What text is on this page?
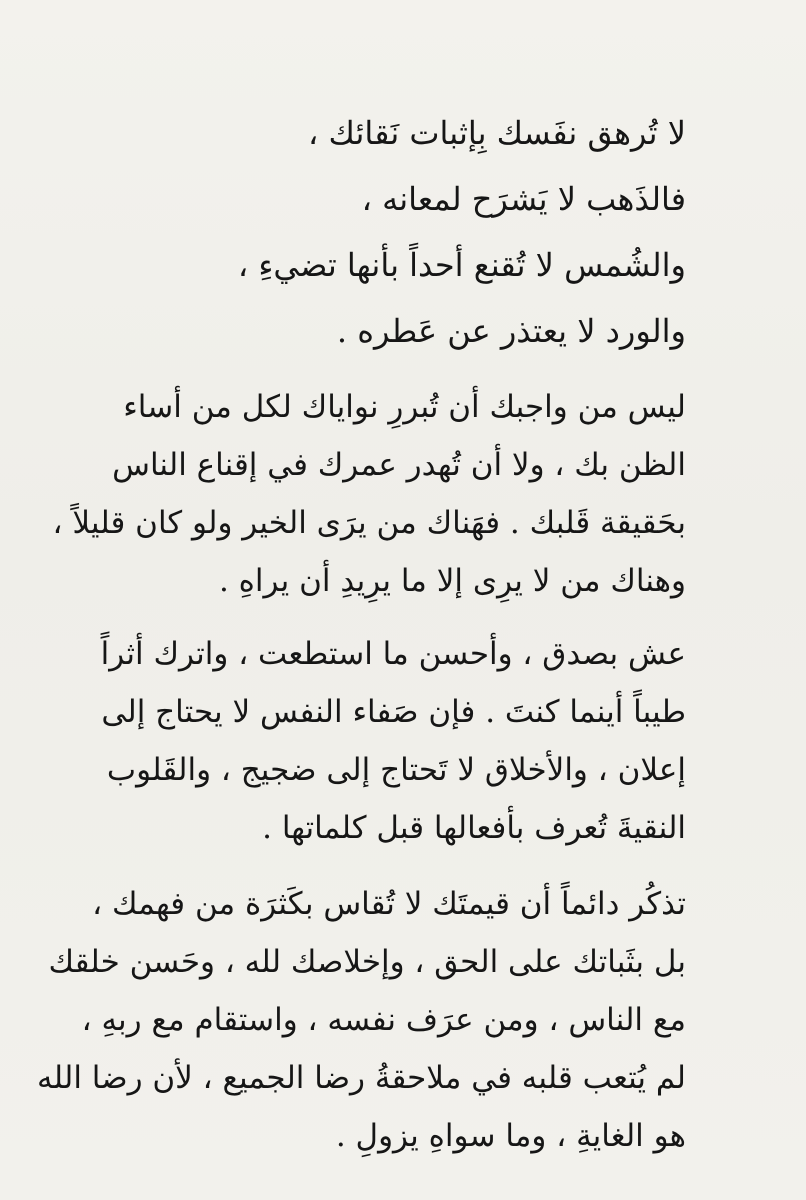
لا تُرهق نفَسك بِإثبات نَقائك ،
فالذَهب لا يَشرَح لمعانه ،
والشُمس لا تُقنع أحداً بأنها تضيءِ ،
والورد لا يعتذر عن عَطره .
ليس من واجبك أن تُبررِ نواياك لكل من أساء
الظن بك ، ولا أن تُهدر عمرك في إقناع الناس
بحَقيقة قَلبك . فهَناك من يرَى الخير ولو كان قليلاً ،
وهناك من لا يرِى إلا ما يرِيدِ أن يراهِ .
عش بصدق ، وأحسن ما استطعت ، واترك أثراً
طيباً أينما كنتَ . فإن صَفاء النفس لا يحتاج إلى
إعلان ، والأخلاق لا تَحتاج إلى ضجيج ، والقَلوب
النقيةَ تُعرف بأفعالها قبل كلماتها .
تذكُر دائماً أن قيمتَك لا تُقاس بكَثرَة من فهمك ،
بل بثَباتك على الحق ، وإخلاصك لله ، وحَسن خلقك
مع الناس ، ومن عرَف نفسه ، واستقام مع ربهِ ،
لم يُتعب قلبه في ملاحقةُ رضا الجميع ، لأن رضا الله
هو الغايةِ ، وما سواهِ يزولِ .
